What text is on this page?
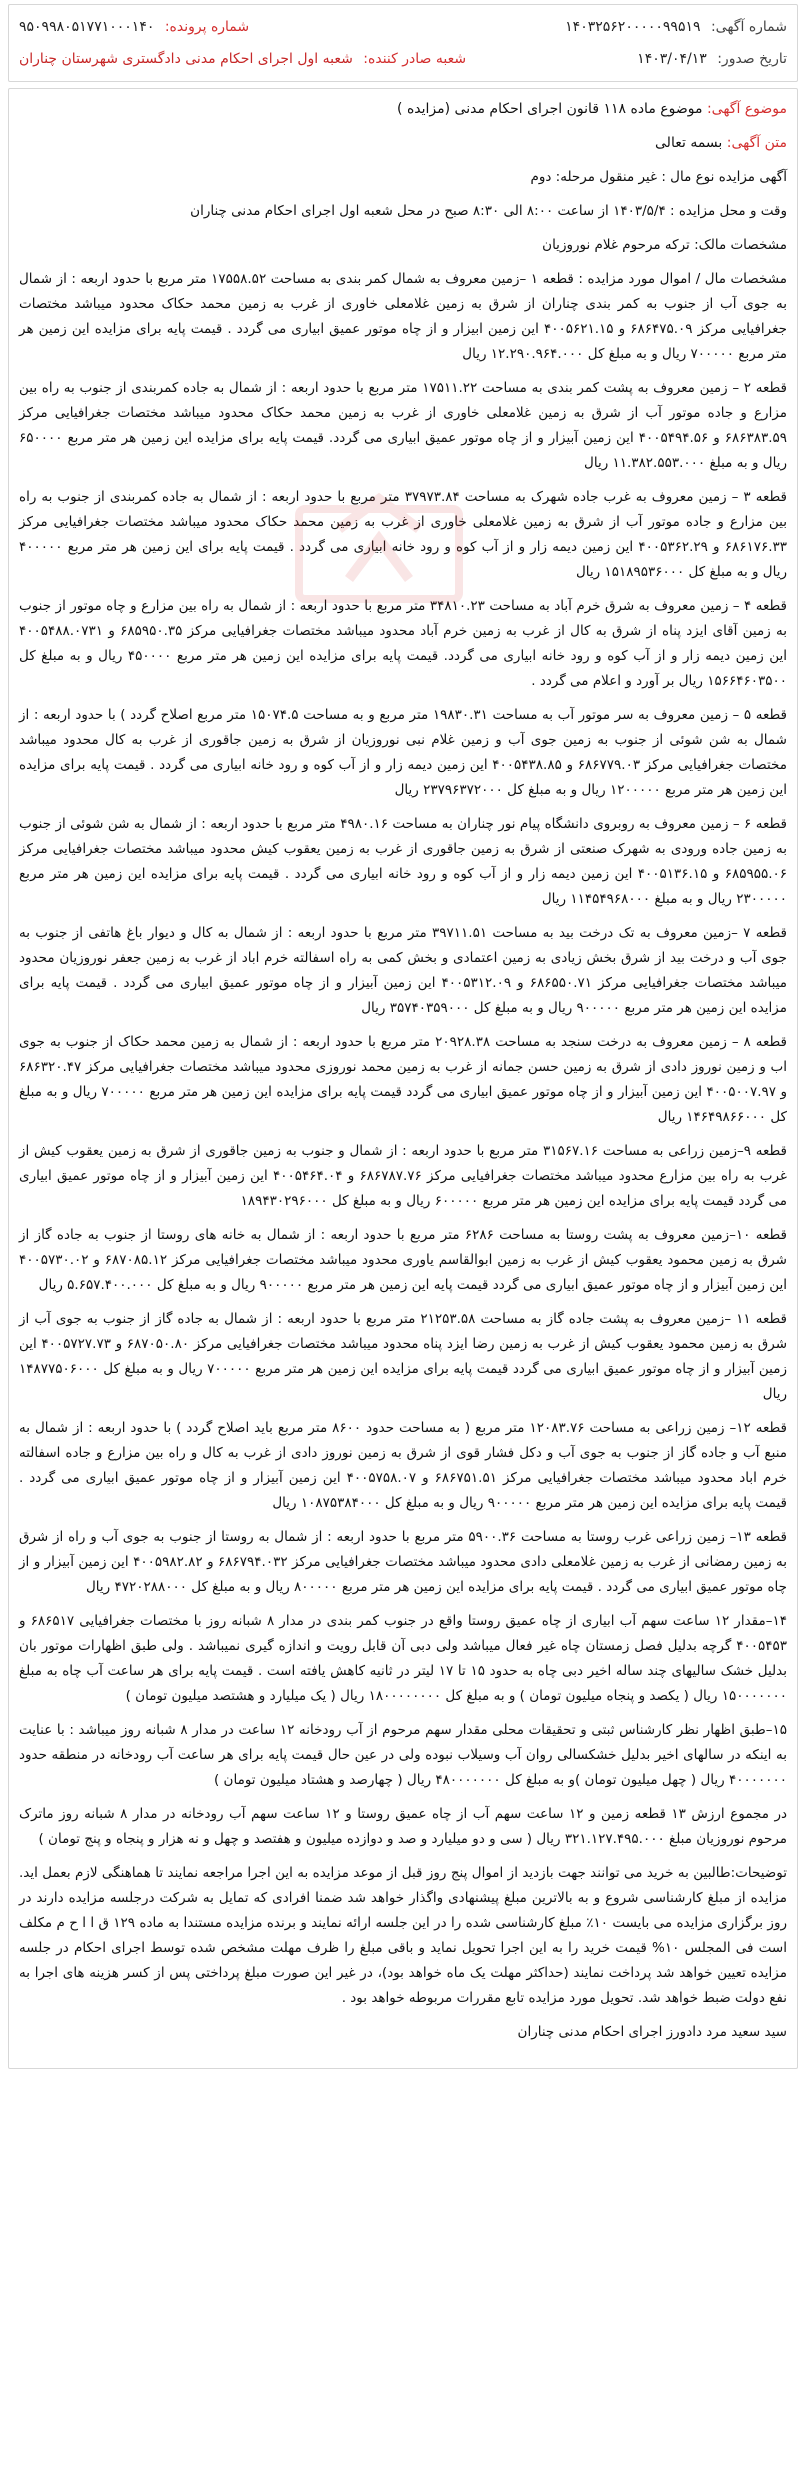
شماره آگهی: ۱۴۰۳۲۵۶۲۰۰۰۰۰۹۹۵۱۹
شماره پرونده: ۹۵۰۹۹۸۰۵۱۷۷۱۰۰۰۱۴۰
تاریخ صدور: ۱۴۰۳/۰۴/۱۳
شعبه صادر کننده: شعبه اول اجرای احکام مدنی دادگستری شهرستان چناران

موضوع آگهی: موضوع ماده ۱۱۸ قانون اجرای احکام مدنی (مزایده )

متن آگهی: بسمه تعالی

آگهی مزایده نوع مال : غیر منقول مرحله: دوم

وقت و محل مزایده : ۱۴۰۳/۵/۴ از ساعت ۸:۰۰ الی ۸:۳۰ صبح در محل شعبه اول اجرای احکام مدنی چناران

مشخصات مالک: ترکه مرحوم غلام نوروزیان

مشخصات مال / اموال مورد مزایده : قطعه ۱ –زمین معروف به شمال کمر بندی به مساحت ۱۷۵۵۸.۵۲ متر مربع با حدود اربعه : از شمال به جوی آب از جنوب به کمر بندی چناران از شرق به زمین غلامعلی خاوری از غرب به زمین محمد حکاک محدود میباشد مختصات جغرافیایی مرکز ۶۸۶۴۷۵.۰۹ و ۴۰۰۵۶۲۱.۱۵ این زمین ابیزار و از چاه موتور عمیق ابیاری می گردد . قیمت پایه برای مزایده این زمین هر متر مربع ۷۰۰۰۰۰ ریال و به مبلغ کل ۱۲.۲۹۰.۹۶۴.۰۰۰ ریال

قطعه ۲ – زمین معروف به پشت کمر بندی به مساحت ۱۷۵۱۱.۲۲ متر مربع با حدود اربعه : از شمال به جاده کمربندی از جنوب به راه بین مزارع و جاده موتور آب از شرق به زمین غلامعلی خاوری از غرب به زمین محمد حکاک محدود میباشد مختصات جغرافیایی مرکز ۶۸۶۳۸۳.۵۹ و ۴۰۰۵۴۹۴.۵۶ این زمین آبیزار و از چاه موتور عمیق ابیاری می گردد. قیمت پایه برای مزایده این زمین هر متر مربع ۶۵۰۰۰۰ ریال و به مبلغ ۱۱.۳۸۲.۵۵۳.۰۰۰ ریال

قطعه ۳ – زمین معروف به غرب جاده شهرک به مساحت ۳۷۹۷۳.۸۴ متر مربع با حدود اربعه : از شمال به جاده کمربندی از جنوب به راه بین مزارع و جاده موتور آب از شرق به زمین غلامعلی خاوری از غرب به زمین محمد حکاک محدود میباشد مختصات جغرافیایی مرکز ۶۸۶۱۷۶.۳۳ و ۴۰۰۵۳۶۲.۲۹ این زمین دیمه زار و از آب کوه و رود خانه ابیاری می گردد . قیمت پایه برای این زمین هر متر مربع ۴۰۰۰۰۰ ریال و به مبلغ کل ۱۵۱۸۹۵۳۶۰۰۰ ریال

قطعه ۴ – زمین معروف به شرق خرم آباد به مساحت ۳۴۸۱۰.۲۳ متر مربع با حدود اربعه : از شمال به راه بین مزارع و چاه موتور از جنوب به زمین آقای ایزد پناه از شرق به کال از غرب به زمین خرم آباد محدود میباشد مختصات جغرافیایی مرکز ۶۸۵۹۵۰.۳۵ و ۴۰۰۵۴۸۸.۰۷۳۱ این زمین دیمه زار و از آب کوه و رود خانه ابیاری می گردد. قیمت پایه برای مزایده این زمین هر متر مربع ۴۵۰۰۰۰ ریال و به مبلغ کل ۱۵۶۶۴۶۰۳۵۰۰ ریال بر آورد و اعلام می گردد .

قطعه ۵ – زمین معروف به سر موتور آب به مساحت ۱۹۸۳۰.۳۱ متر مربع و به مساحت ۱۵۰۷۴.۵ متر مربع اصلاح گردد ) با حدود اربعه : از شمال به شن شوئی از جنوب به زمین جوی آب و زمین غلام نبی نوروزیان از شرق به زمین جاقوری از غرب به کال محدود میباشد مختصات جغرافیایی مرکز ۶۸۶۷۷۹.۰۳ و ۴۰۰۵۴۳۸.۸۵ این زمین دیمه زار و از آب کوه و رود خانه ابیاری می گردد . قیمت پایه برای مزایده این زمین هر متر مربع ۱۲۰۰۰۰۰ ریال و به مبلغ کل ۲۳۷۹۶۳۷۲۰۰۰ ریال

قطعه ۶ – زمین معروف به روبروی دانشگاه پیام نور چناران به مساحت ۴۹۸۰.۱۶ متر مربع با حدود اربعه : از شمال به شن شوئی از جنوب به زمین جاده ورودی به شهرک صنعتی از شرق به زمین جاقوری از غرب به زمین یعقوب کیش محدود میباشد مختصات جغرافیایی مرکز ۶۸۵۹۵۵.۰۶ و ۴۰۰۵۱۳۶.۱۵ این زمین دیمه زار و از آب کوه و رود خانه ابیاری می گردد . قیمت پایه برای مزایده این زمین هر متر مربع ۲۳۰۰۰۰۰ ریال و به مبلغ ۱۱۴۵۴۹۶۸۰۰۰ ریال

قطعه ۷ –زمین معروف به تک درخت بید به مساحت ۳۹۷۱۱.۵۱ متر مربع با حدود اربعه : از شمال به کال و دیوار باغ هاتفی از جنوب به جوی آب و درخت بید از شرق بخش زیادی به زمین اعتمادی و بخش کمی به راه اسفالته خرم اباد از غرب به زمین جعفر نوروزیان محدود میباشد مختصات جغرافیایی مرکز ۶۸۶۵۵۰.۷۱ و ۴۰۰۵۳۱۲.۰۹ این زمین آبیزار و از چاه موتور عمیق ابیاری می گردد . قیمت پایه برای مزایده این زمین هر متر مربع ۹۰۰۰۰۰ ریال و به مبلغ کل ۳۵۷۴۰۳۵۹۰۰۰ ریال

قطعه ۸ – زمین معروف به درخت سنجد به مساحت ۲۰۹۲۸.۳۸ متر مربع با حدود اربعه : از شمال به زمین محمد حکاک از جنوب به جوی اب و زمین نوروز دادی از شرق به زمین حسن جمانه از غرب به زمین محمد نوروزی محدود میباشد مختصات جغرافیایی مرکز ۶۸۶۳۲۰.۴۷ و ۴۰۰۵۰۰۷.۹۷ این زمین آبیزار و از چاه موتور عمیق ابیاری می گردد قیمت پایه برای مزایده این زمین هر متر مربع ۷۰۰۰۰۰ ریال و به مبلغ کل ۱۴۶۴۹۸۶۶۰۰۰ ریال

قطعه ۹–زمین زراعی به مساحت ۳۱۵۶۷.۱۶ متر مربع با حدود اربعه : از شمال و جنوب به زمین جاقوری از شرق به زمین یعقوب کیش از غرب به راه بین مزارع محدود میباشد مختصات جغرافیایی مرکز ۶۸۶۷۸۷.۷۶ و ۴۰۰۵۴۶۴.۰۴ این زمین آبیزار و از چاه موتور عمیق ابیاری می گردد قیمت پایه برای مزایده این زمین هر متر مربع ۶۰۰۰۰۰ ریال و به مبلغ کل ۱۸۹۴۳۰۲۹۶۰۰۰

قطعه ۱۰–زمین معروف به پشت روستا به مساحت ۶۲۸۶ متر مربع با حدود اربعه : از شمال به خانه های روستا از جنوب به جاده گاز از شرق به زمین محمود یعقوب کیش از غرب به زمین ابوالقاسم یاوری محدود میباشد مختصات جغرافیایی مرکز ۶۸۷۰۸۵.۱۲ و ۴۰۰۵۷۳۰.۰۲ این زمین آبیزار و از چاه موتور عمیق ابیاری می گردد قیمت پایه این زمین هر متر مربع ۹۰۰۰۰۰ ریال و به مبلغ کل ۵.۶۵۷.۴۰۰.۰۰۰ ریال

قطعه ۱۱ –زمین معروف به پشت جاده گاز به مساحت ۲۱۲۵۳.۵۸ متر مربع با حدود اربعه : از شمال به جاده گاز از جنوب به جوی آب از شرق به زمین محمود یعقوب کیش از غرب به زمین رضا ایزد پناه محدود میباشد مختصات جغرافیایی مرکز ۶۸۷۰۵۰.۸۰ و ۴۰۰۵۷۲۷.۷۳ این زمین آبیزار و از چاه موتور عمیق ابیاری می گردد قیمت پایه برای مزایده این زمین هر متر مربع ۷۰۰۰۰۰ ریال و به مبلغ کل ۱۴۸۷۷۵۰۶۰۰۰ ریال

قطعه ۱۲– زمین زراعی به مساحت ۱۲۰۸۳.۷۶ متر مربع ( به مساحت حدود ۸۶۰۰ متر مربع باید اصلاح گردد ) با حدود اربعه : از شمال به منبع آب و جاده گاز از جنوب به جوی آب و دکل فشار قوی از شرق به زمین نوروز دادی از غرب به کال و راه بین مزارع و جاده اسفالته خرم اباد محدود میباشد مختصات جغرافیایی مرکز ۶۸۶۷۵۱.۵۱ و ۴۰۰۵۷۵۸.۰۷ این زمین آبیزار و از چاه موتور عمیق ابیاری می گردد . قیمت پایه برای مزایده این زمین هر متر مربع ۹۰۰۰۰۰ ریال و به مبلغ کل ۱۰۸۷۵۳۸۴۰۰۰ ریال

قطعه ۱۳– زمین زراعی غرب روستا به مساحت ۵۹۰۰.۳۶ متر مربع با حدود اربعه : از شمال به روستا از جنوب به جوی آب و راه از شرق به زمین رمضانی از غرب به زمین غلامعلی دادی محدود میباشد مختصات جغرافیایی مرکز ۶۸۶۷۹۴.۰۳۲ و ۴۰۰۵۹۸۲.۸۲ این زمین آبیزار و از چاه موتور عمیق ابیاری می گردد . قیمت پایه برای مزایده این زمین هر متر مربع ۸۰۰۰۰۰ ریال و به مبلغ کل ۴۷۲۰۲۸۸۰۰۰ ریال

۱۴–مقدار ۱۲ ساعت سهم آب ابیاری از چاه عمیق روستا واقع در جنوب کمر بندی در مدار ۸ شبانه روز با مختصات جغرافیایی ۶۸۶۵۱۷ و ۴۰۰۵۴۵۳ گرچه بدلیل فصل زمستان چاه غیر فعال میباشد ولی دبی آن قابل رویت و اندازه گیری نمیباشد . ولی طبق اظهارات موتور بان بدلیل خشک سالیهای چند ساله اخیر دبی چاه به حدود ۱۵ تا ۱۷ لیتر در ثانیه کاهش یافته است . قیمت پایه برای هر ساعت آب چاه به مبلغ ۱۵۰۰۰۰۰۰۰ ریال ( یکصد و پنجاه میلیون تومان ) و به مبلغ کل ۱۸۰۰۰۰۰۰۰۰ ریال ( یک میلیارد و هشتصد میلیون تومان )

۱۵–طبق اظهار نظر کارشناس ثبتی و تحقیقات محلی مقدار سهم مرحوم از آب رودخانه ۱۲ ساعت در مدار ۸ شبانه روز میباشد : با عنایت به اینکه در سالهای اخیر بدلیل خشکسالی روان آب وسیلاب نبوده ولی در عین حال قیمت پایه برای هر ساعت آب رودخانه در منطقه حدود ۴۰۰۰۰۰۰۰ ریال ( چهل میلیون تومان )و به مبلغ کل ۴۸۰۰۰۰۰۰۰ ریال ( چهارصد و هشتاد میلیون تومان )

در مجموع ارزش ۱۳ قطعه زمین و ۱۲ ساعت سهم آب از چاه عمیق روستا و ۱۲ ساعت سهم آب رودخانه در مدار ۸ شبانه روز ماترک مرحوم نوروزیان مبلغ ۳۲۱.۱۲۷.۴۹۵.۰۰۰ ریال ( سی و دو میلیارد و صد و دوازده میلیون و هفتصد و چهل و نه هزار و پنجاه و پنج تومان )

توضیحات:طالبین به خرید می توانند جهت بازدید از اموال پنج روز قبل از موعد مزایده به این اجرا مراجعه نمایند تا هماهنگی لازم بعمل اید. مزایده از مبلغ کارشناسی شروع و به بالاترین مبلغ پیشنهادی واگذار خواهد شد ضمنا افرادی که تمایل به شرکت درجلسه مزایده دارند در روز برگزاری مزایده می بایست ۱۰٪ مبلغ کارشناسی شده را در این جلسه ارائه نمایند و برنده مزایده مستندا به ماده ۱۲۹ ق ا ا ح م مکلف است فی المجلس ۱۰% قیمت خرید را به این اجرا تحویل نماید و باقی مبلغ را ظرف مهلت مشخص شده توسط اجرای احکام در جلسه مزایده تعیین خواهد شد پرداخت نمایند (حداکثر مهلت یک ماه خواهد بود)، در غیر این صورت مبلغ پرداختی پس از کسر هزینه های اجرا به نفع دولت ضبط خواهد شد. تحویل مورد مزایده تابع مقررات مربوطه خواهد بود .

سید سعید مرد دادورز اجرای احکام مدنی چناران
